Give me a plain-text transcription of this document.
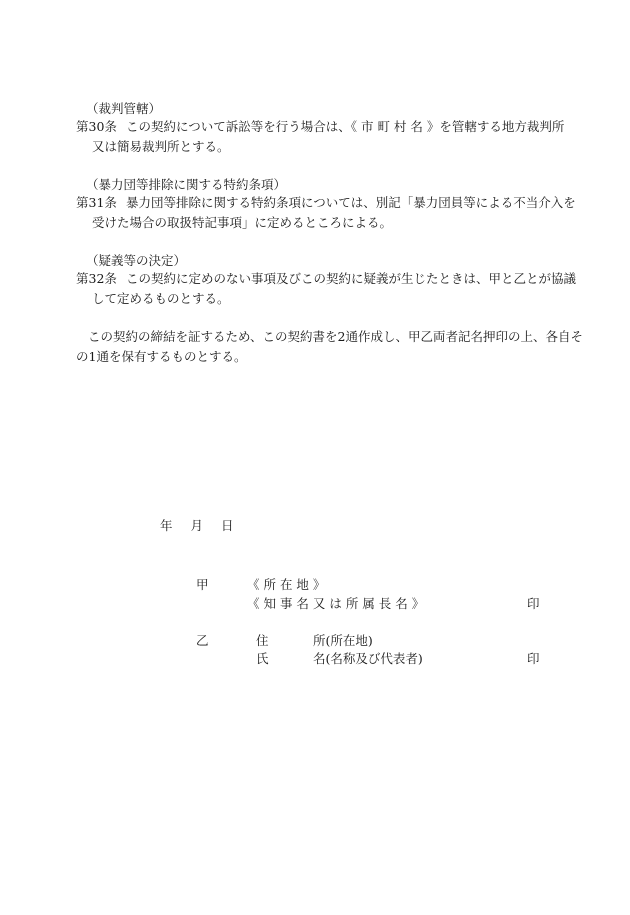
（裁判管轄）
第30条 この契約について訴訟等を行う場合は、《 市 町 村 名 》を管轄する地方裁判所
又は簡易裁判所とする。
（暴力団等排除に関する特約条項）
第31条 暴力団等排除に関する特約条項については、別記「暴力団員等による不当介入を
受けた場合の取扱特記事項」に定めるところによる。
（疑義等の決定）
第32条 この契約に定めのない事項及びこの契約に疑義が生じたときは、甲と乙とが協議
して定めるものとする。
この契約の締結を証するため、この契約書を2通作成し、甲乙両者記名押印の上、各自そ
の1通を保有するものとする。
年 月 日
甲	《 所 在 地 》
《 知 事 名 又 は 所 属 長 名 》	印
乙	住	所(所在地)
氏	名(名称及び代表者)	印
